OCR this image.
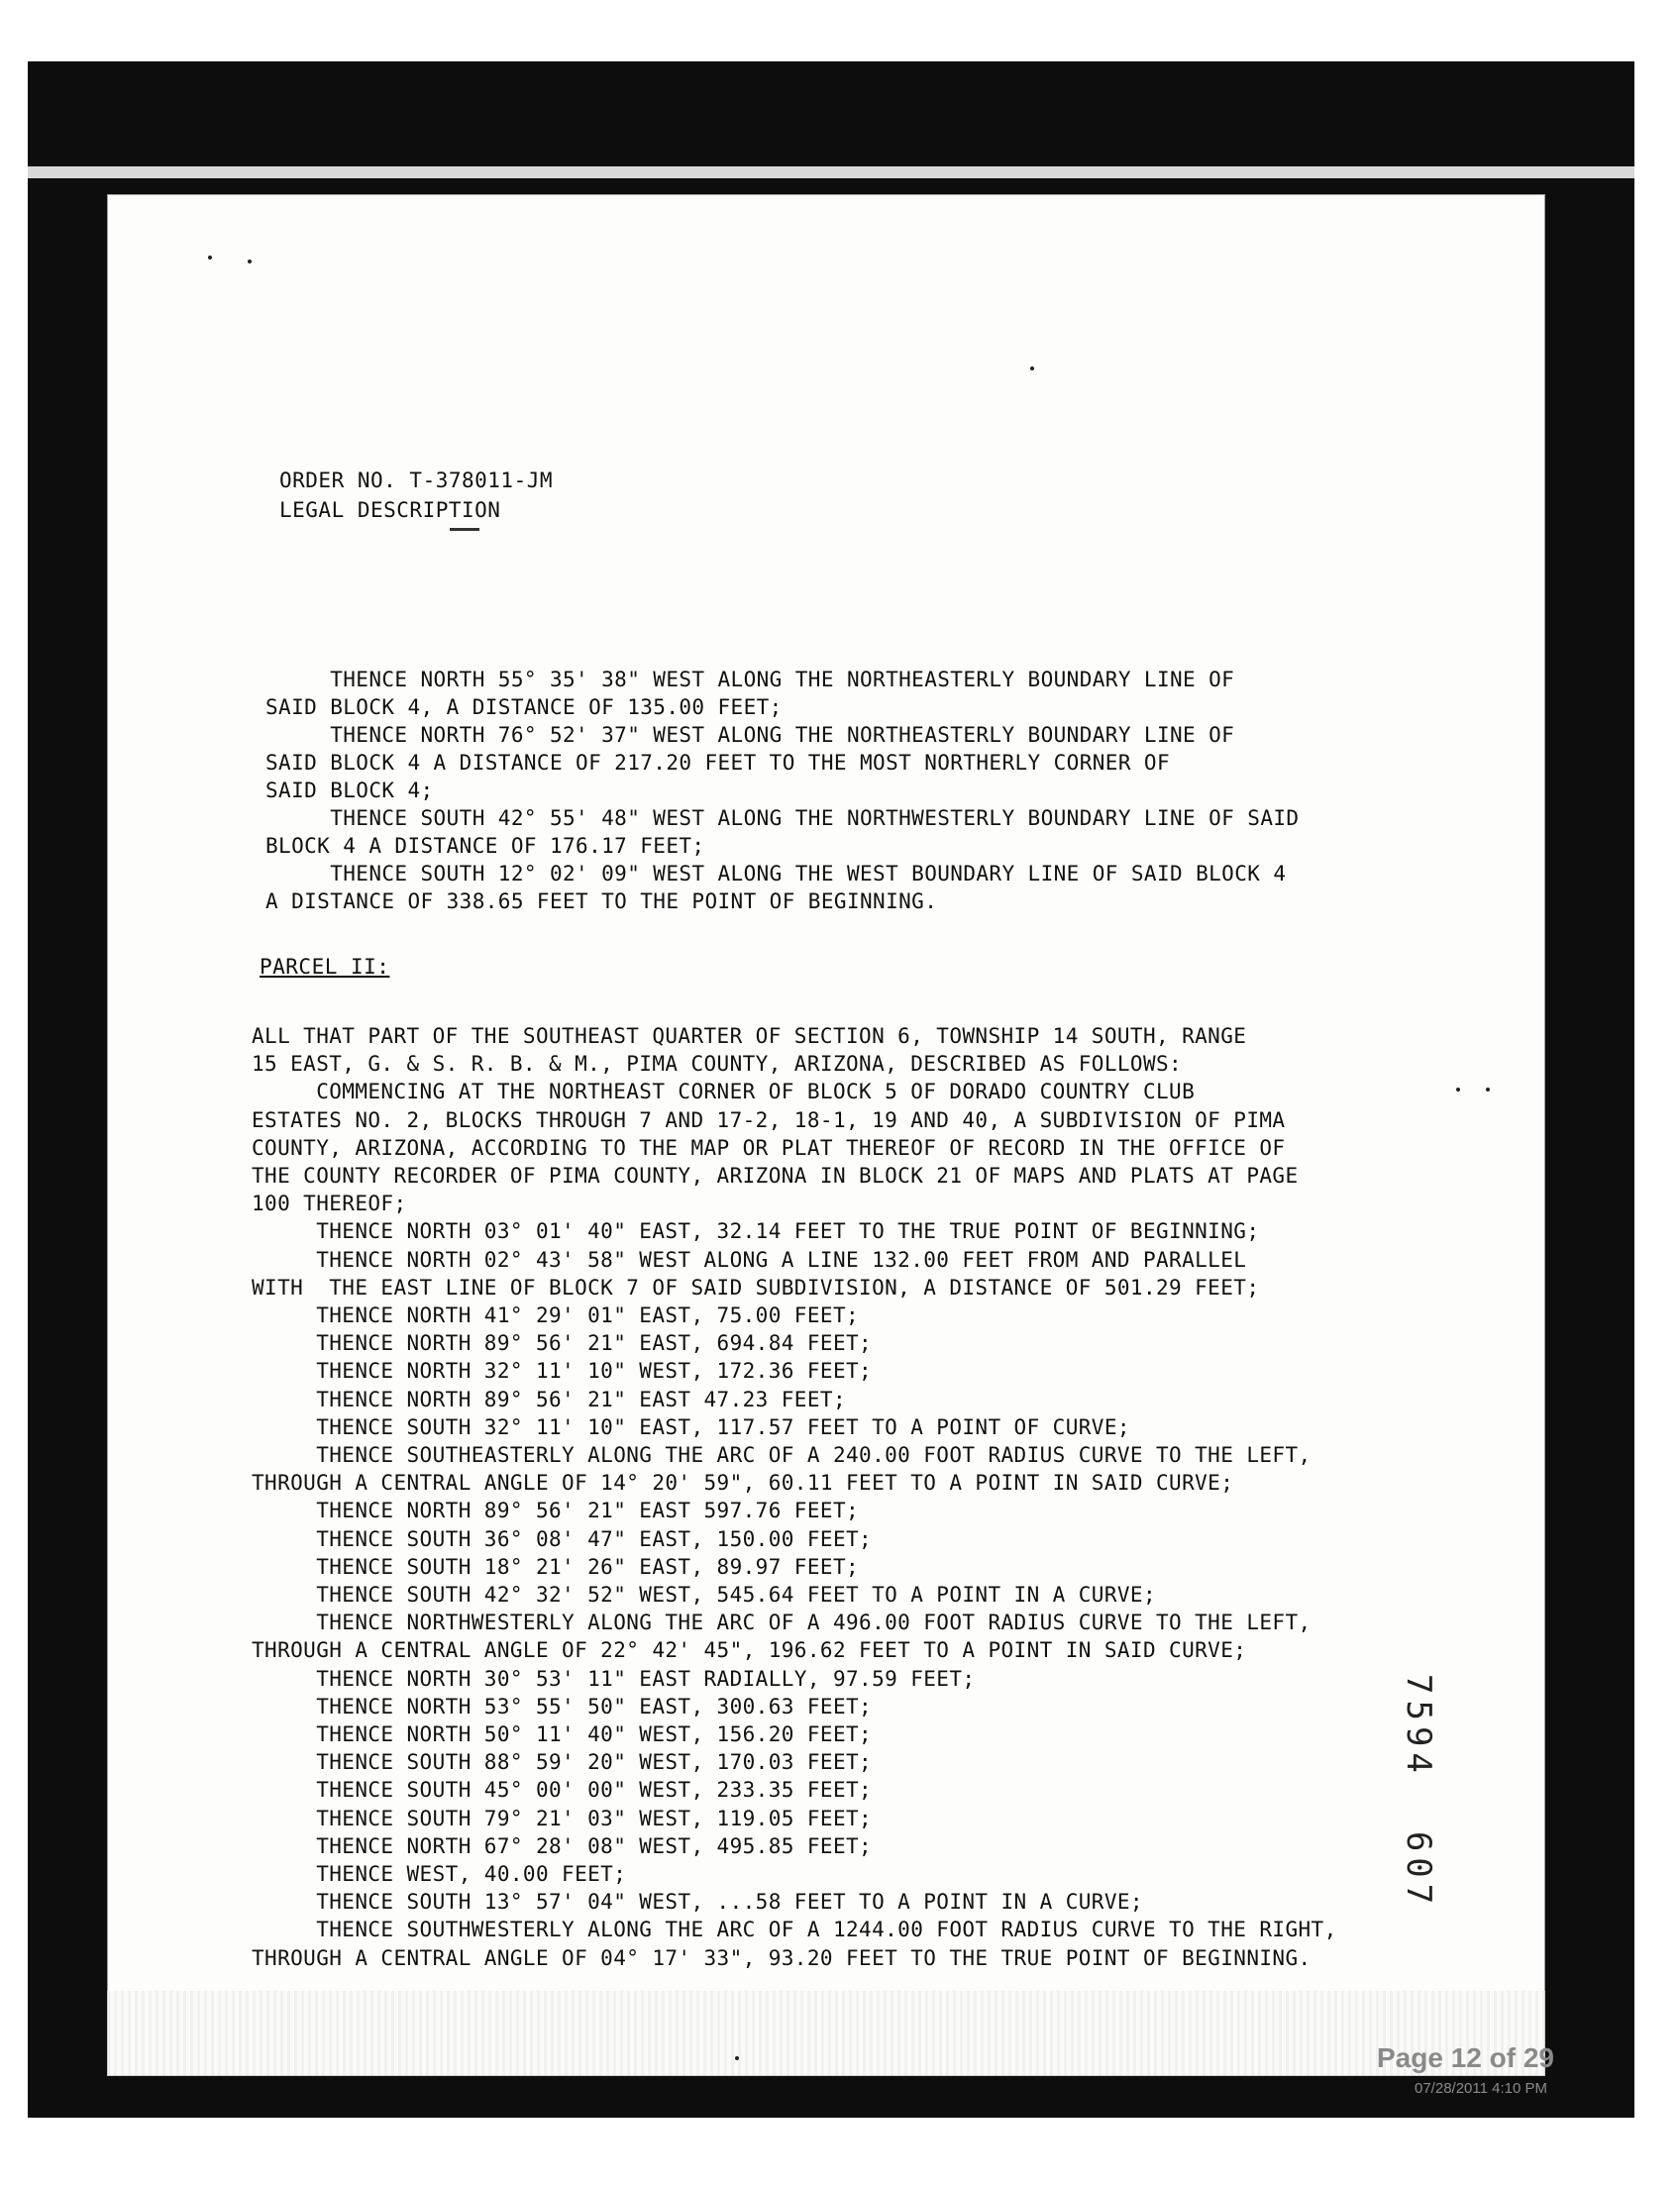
ORDER NO. T-378011-JM
LEGAL DESCRIPTION
THENCE NORTH 55° 35' 38" WEST ALONG THE NORTHEASTERLY BOUNDARY LINE OF
SAID BLOCK 4, A DISTANCE OF 135.00 FEET;
THENCE NORTH 76° 52' 37" WEST ALONG THE NORTHEASTERLY BOUNDARY LINE OF
SAID BLOCK 4 A DISTANCE OF 217.20 FEET TO THE MOST NORTHERLY CORNER OF
SAID BLOCK 4;
THENCE SOUTH 42° 55' 48" WEST ALONG THE NORTHWESTERLY BOUNDARY LINE OF SAID
BLOCK 4 A DISTANCE OF 176.17 FEET;
THENCE SOUTH 12° 02' 09" WEST ALONG THE WEST BOUNDARY LINE OF SAID BLOCK 4
A DISTANCE OF 338.65 FEET TO THE POINT OF BEGINNING.
PARCEL II:
ALL THAT PART OF THE SOUTHEAST QUARTER OF SECTION 6, TOWNSHIP 14 SOUTH, RANGE
15 EAST, G. & S. R. B. & M., PIMA COUNTY, ARIZONA, DESCRIBED AS FOLLOWS:
COMMENCING AT THE NORTHEAST CORNER OF BLOCK 5 OF DORADO COUNTRY CLUB
ESTATES NO. 2, BLOCKS THROUGH 7 AND 17-2, 18-1, 19 AND 40, A SUBDIVISION OF PIMA
COUNTY, ARIZONA, ACCORDING TO THE MAP OR PLAT THEREOF OF RECORD IN THE OFFICE OF
THE COUNTY RECORDER OF PIMA COUNTY, ARIZONA IN BLOCK 21 OF MAPS AND PLATS AT PAGE
100 THEREOF;
THENCE NORTH 03° 01' 40" EAST, 32.14 FEET TO THE TRUE POINT OF BEGINNING;
THENCE NORTH 02° 43' 58" WEST ALONG A LINE 132.00 FEET FROM AND PARALLEL
WITH  THE EAST LINE OF BLOCK 7 OF SAID SUBDIVISION, A DISTANCE OF 501.29 FEET;
THENCE NORTH 41° 29' 01" EAST, 75.00 FEET;
THENCE NORTH 89° 56' 21" EAST, 694.84 FEET;
THENCE NORTH 32° 11' 10" WEST, 172.36 FEET;
THENCE NORTH 89° 56' 21" EAST 47.23 FEET;
THENCE SOUTH 32° 11' 10" EAST, 117.57 FEET TO A POINT OF CURVE;
THENCE SOUTHEASTERLY ALONG THE ARC OF A 240.00 FOOT RADIUS CURVE TO THE LEFT,
THROUGH A CENTRAL ANGLE OF 14° 20' 59", 60.11 FEET TO A POINT IN SAID CURVE;
THENCE NORTH 89° 56' 21" EAST 597.76 FEET;
THENCE SOUTH 36° 08' 47" EAST, 150.00 FEET;
THENCE SOUTH 18° 21' 26" EAST, 89.97 FEET;
THENCE SOUTH 42° 32' 52" WEST, 545.64 FEET TO A POINT IN A CURVE;
THENCE NORTHWESTERLY ALONG THE ARC OF A 496.00 FOOT RADIUS CURVE TO THE LEFT,
THROUGH A CENTRAL ANGLE OF 22° 42' 45", 196.62 FEET TO A POINT IN SAID CURVE;
THENCE NORTH 30° 53' 11" EAST RADIALLY, 97.59 FEET;
THENCE NORTH 53° 55' 50" EAST, 300.63 FEET;
THENCE NORTH 50° 11' 40" WEST, 156.20 FEET;
THENCE SOUTH 88° 59' 20" WEST, 170.03 FEET;
THENCE SOUTH 45° 00' 00" WEST, 233.35 FEET;
THENCE SOUTH 79° 21' 03" WEST, 119.05 FEET;
THENCE NORTH 67° 28' 08" WEST, 495.85 FEET;
THENCE WEST, 40.00 FEET;
THENCE SOUTH 13° 57' 04" WEST, ...58 FEET TO A POINT IN A CURVE;
THENCE SOUTHWESTERLY ALONG THE ARC OF A 1244.00 FOOT RADIUS CURVE TO THE RIGHT,
THROUGH A CENTRAL ANGLE OF 04° 17' 33", 93.20 FEET TO THE TRUE POINT OF BEGINNING.
7594  607
Page 12 of 29
07/28/2011 4:10 PM
